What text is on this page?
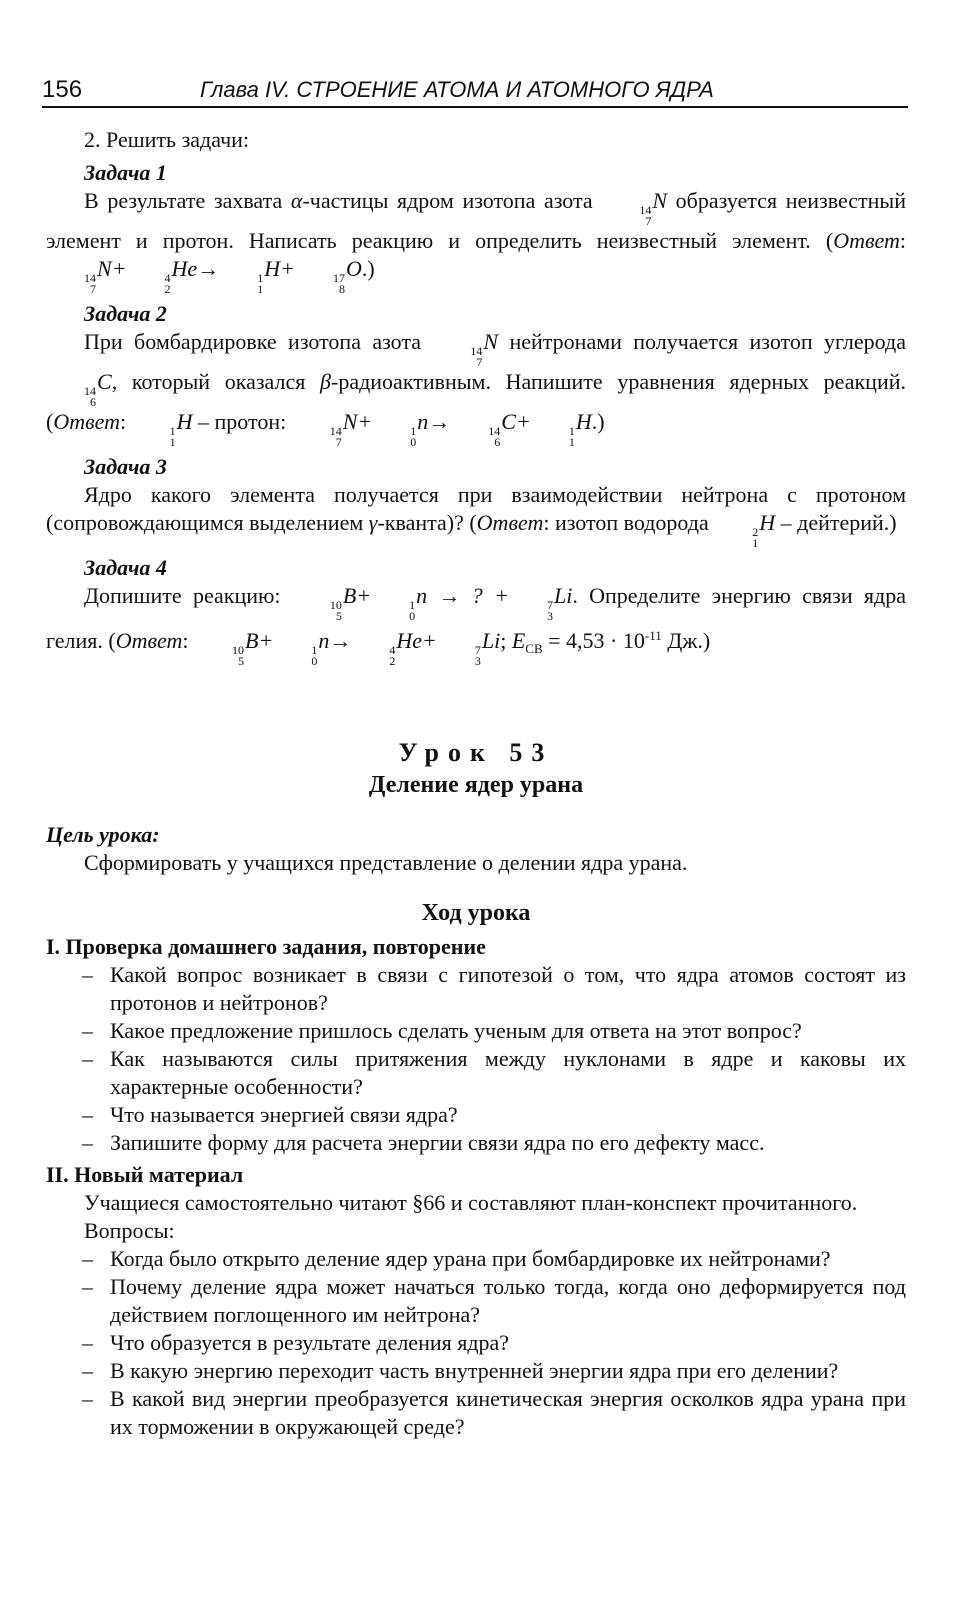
156	Глава IV. СТРОЕНИЕ АТОМА И АТОМНОГО ЯДРА

2. Решить задачи:

Задача 1

В результате захвата α-частицы ядром изотопа азота	14
7
N образуется неизвестный элемент и протон. Написать реакцию и определить неизвестный элемент. (Ответ:
14
7
N+	4
2
He→	1
1
H+	17
8
O.)

Задача 2

При бомбардировке изотопа азота	14
7
N нейтронами получается изотоп углерода
14
6
C, который оказался β-радиоактивным. Напишите уравнения ядерных реакций. (Ответ:	1
1
H – протон:	14
7
N+	1
0
n→	14
6
C+	1
1
H.)

Задача 3

Ядро какого элемента получается при взаимодействии нейтрона с протоном (сопровождающимся выделением γ-кванта)? (Ответ: изотоп водорода	2
1
H – дейтерий.)

Задача 4

Допишите реакцию:	10
5
B+	1
0
n → ? +	7
3
Li. Определите энергию связи ядра гелия. (Ответ:	10
5
B+	1
0
n→	4
2
He+	7
3
Li; $E_{СВ} = 4,53 \cdot 10^{-11}$ Дж.)

Урок 53
Деление ядер урана
Цель урока:

Сформировать у учащихся представление о делении ядра урана.

Ход урока
I. Проверка домашнего задания, повторение
– Какой вопрос возникает в связи с гипотезой о том, что ядра атомов состоят из протонов и нейтронов?
– Какое предложение пришлось сделать ученым для ответа на этот вопрос?
– Как называются силы притяжения между нуклонами в ядре и каковы их характерные особенности?
– Что называется энергией связи ядра?
– Запишите форму для расчета энергии связи ядра по его дефекту масс.
II. Новый материал

Учащиеся самостоятельно читают §66 и составляют план-конспект прочитанного.

Вопросы:

– Когда было открыто деление ядер урана при бомбардировке их нейтронами?
– Почему деление ядра может начаться только тогда, когда оно деформируется под действием поглощенного им нейтрона?
– Что образуется в результате деления ядра?
– В какую энергию переходит часть внутренней энергии ядра при его делении?
– В какой вид энергии преобразуется кинетическая энергия осколков ядра урана при их торможении в окружающей среде?
